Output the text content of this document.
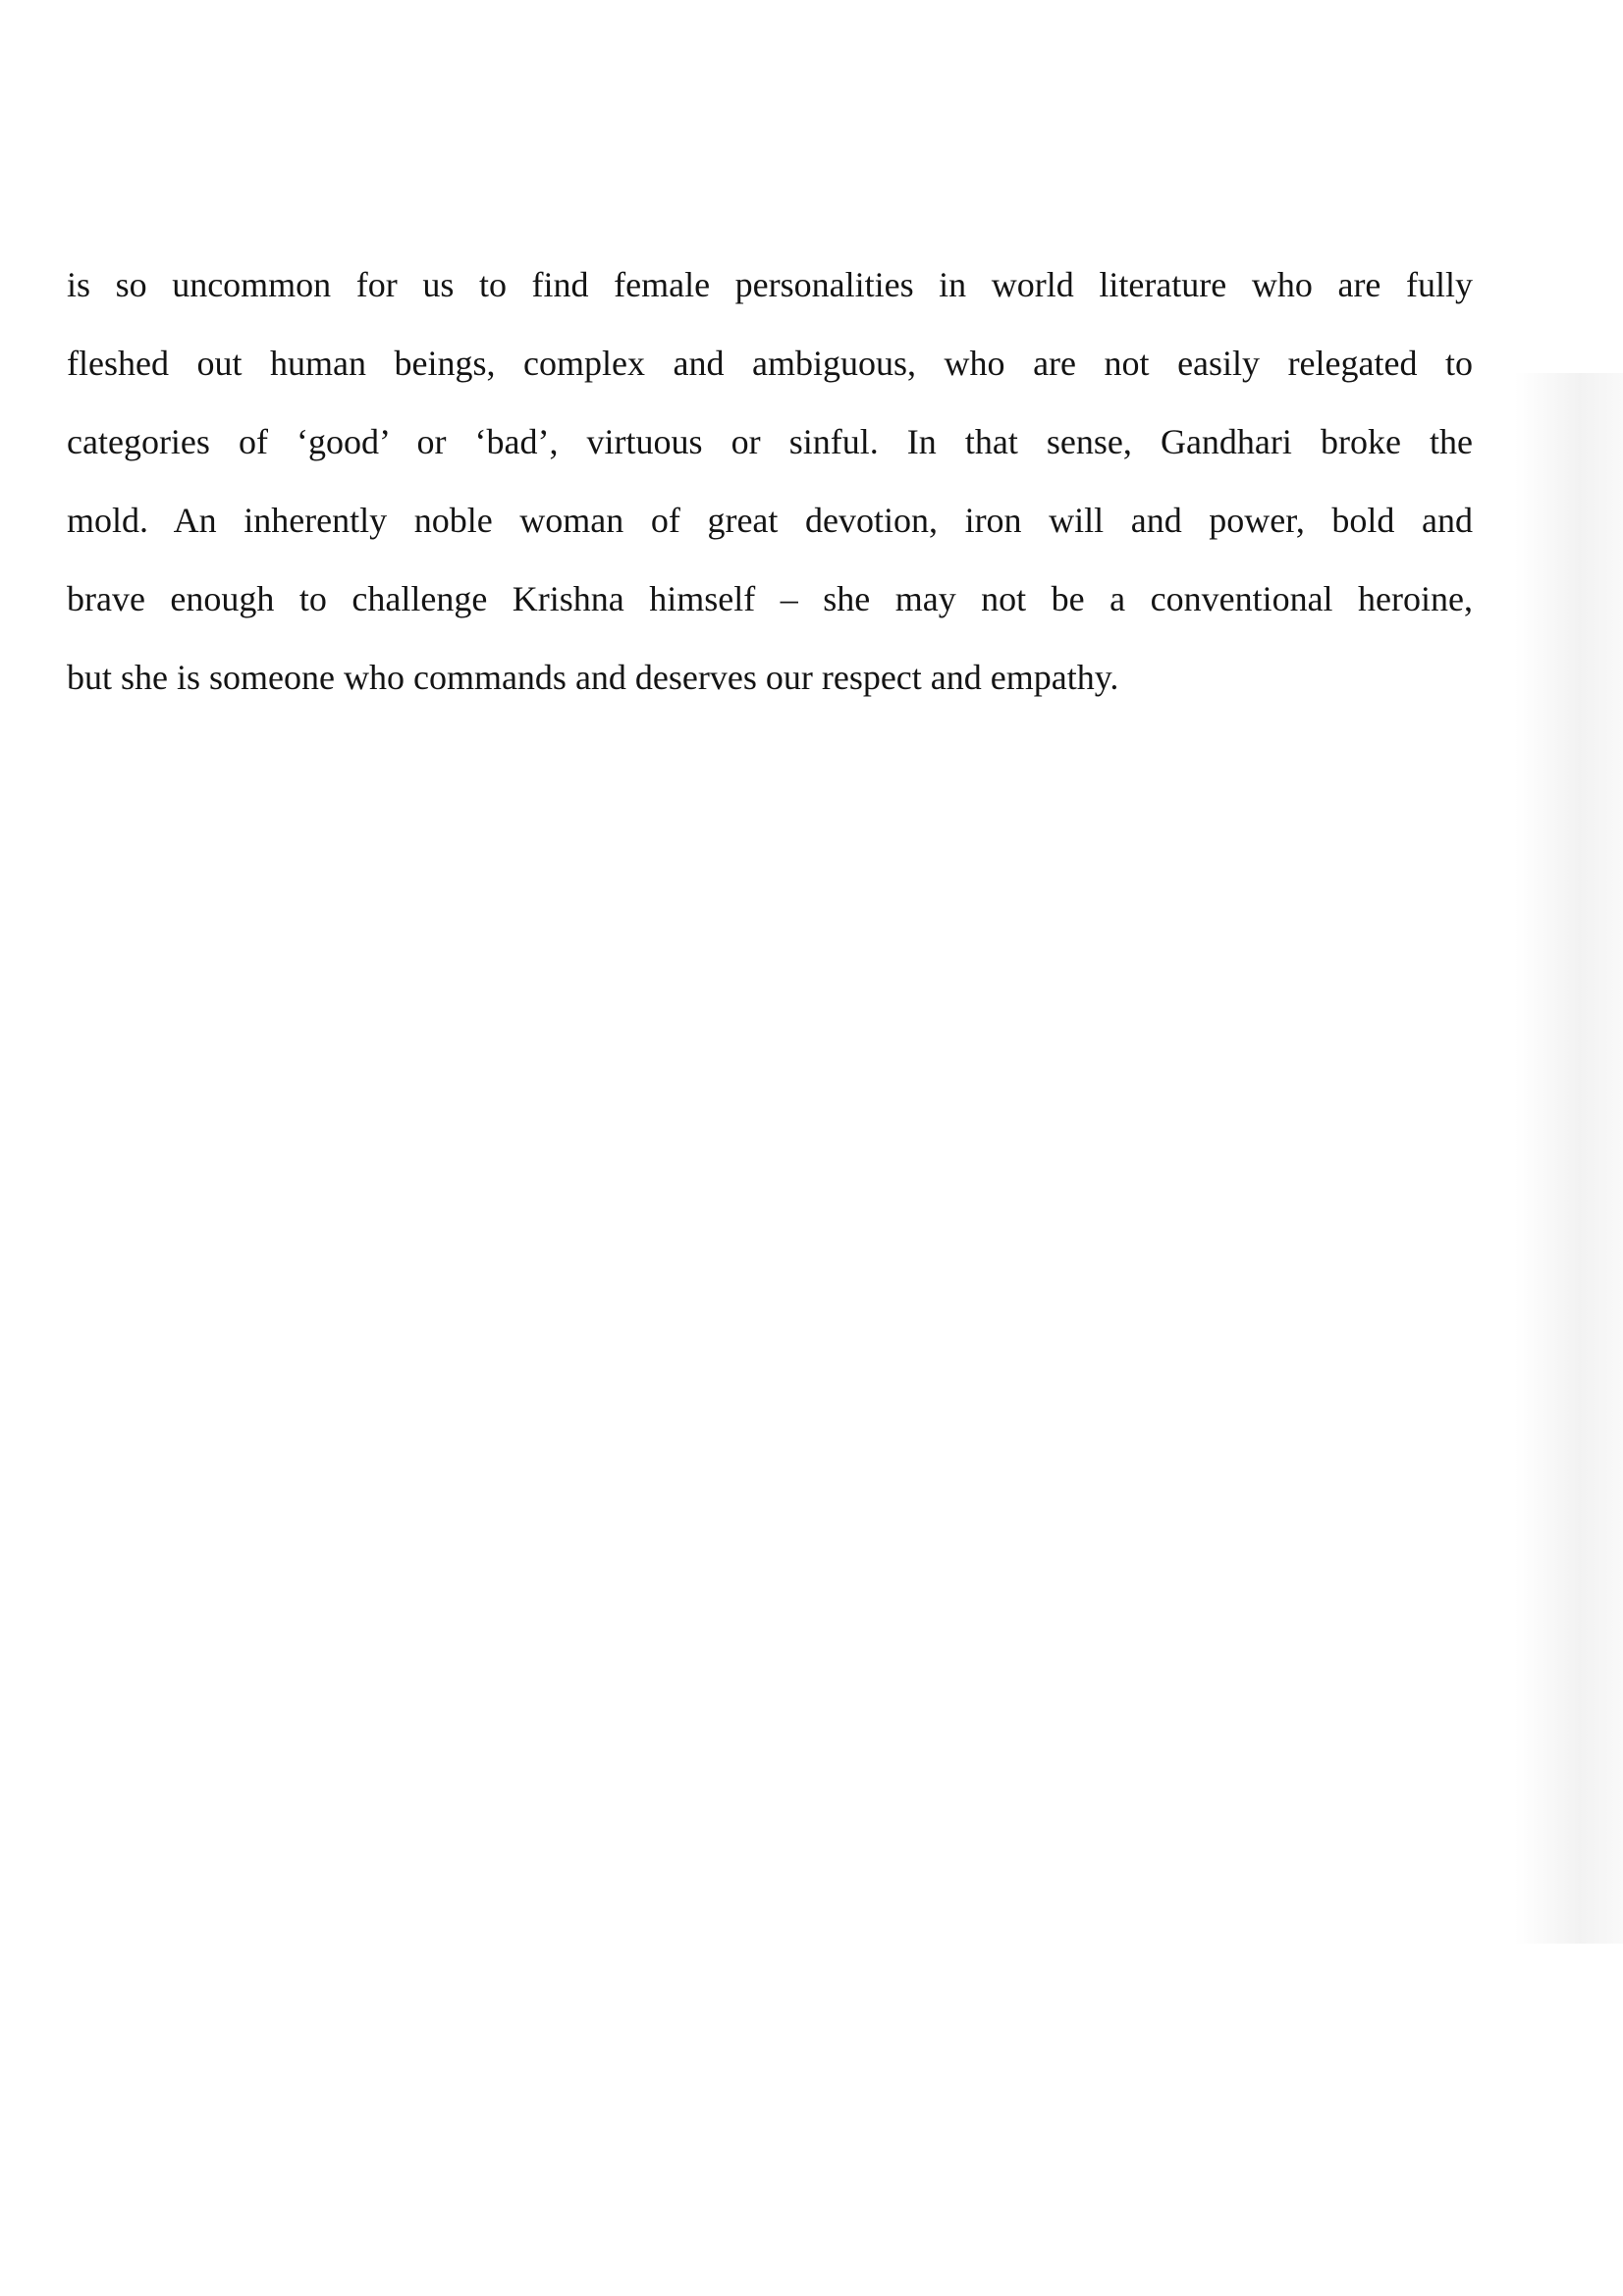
is so uncommon for us to find female personalities in world literature who are fully
fleshed out human beings, complex and ambiguous, who are not easily relegated to
categories of ‘good’ or ‘bad’, virtuous or sinful. In that sense, Gandhari broke the
mold. An inherently noble woman of great devotion, iron will and power, bold and
brave enough to challenge Krishna himself – she may not be a conventional heroine,
but she is someone who commands and deserves our respect and empathy.
